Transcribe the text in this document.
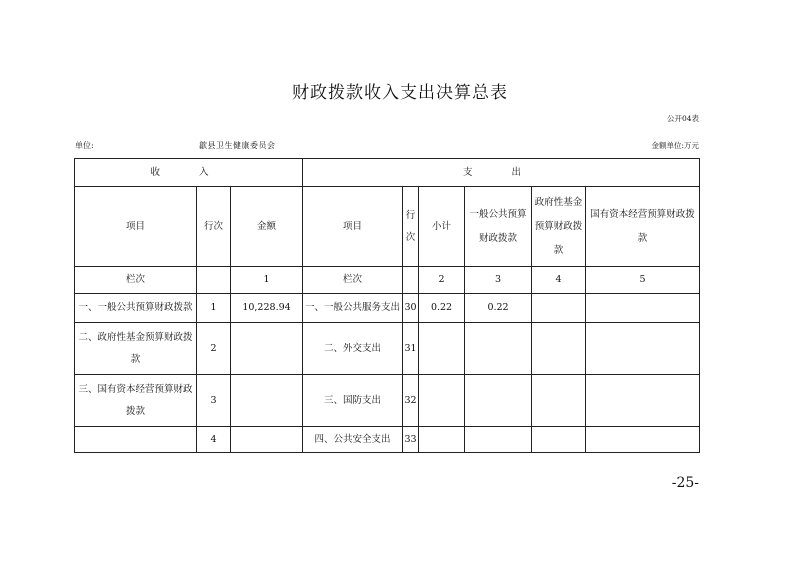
财政拨款收入支出决算总表
公开04表
单位:	歙县卫生健康委员会	金额单位:万元
收 入			支 出					
项目	行次	金额	项目	行次	小计	一般公共预算财政拨款	政府性基金预算财政拨款	国有资本经营预算财政拨款
栏次		1	栏次		2	3	4	5
一、一般公共预算财政拨款	1	10,228.94	一、一般公共服务支出	30	0.22	0.22		
二、政府性基金预算财政拨款	2		二、外交支出	31				
三、国有资本经营预算财政拨款	3		三、国防支出	32				
	4		四、公共安全支出	33				
-25-
